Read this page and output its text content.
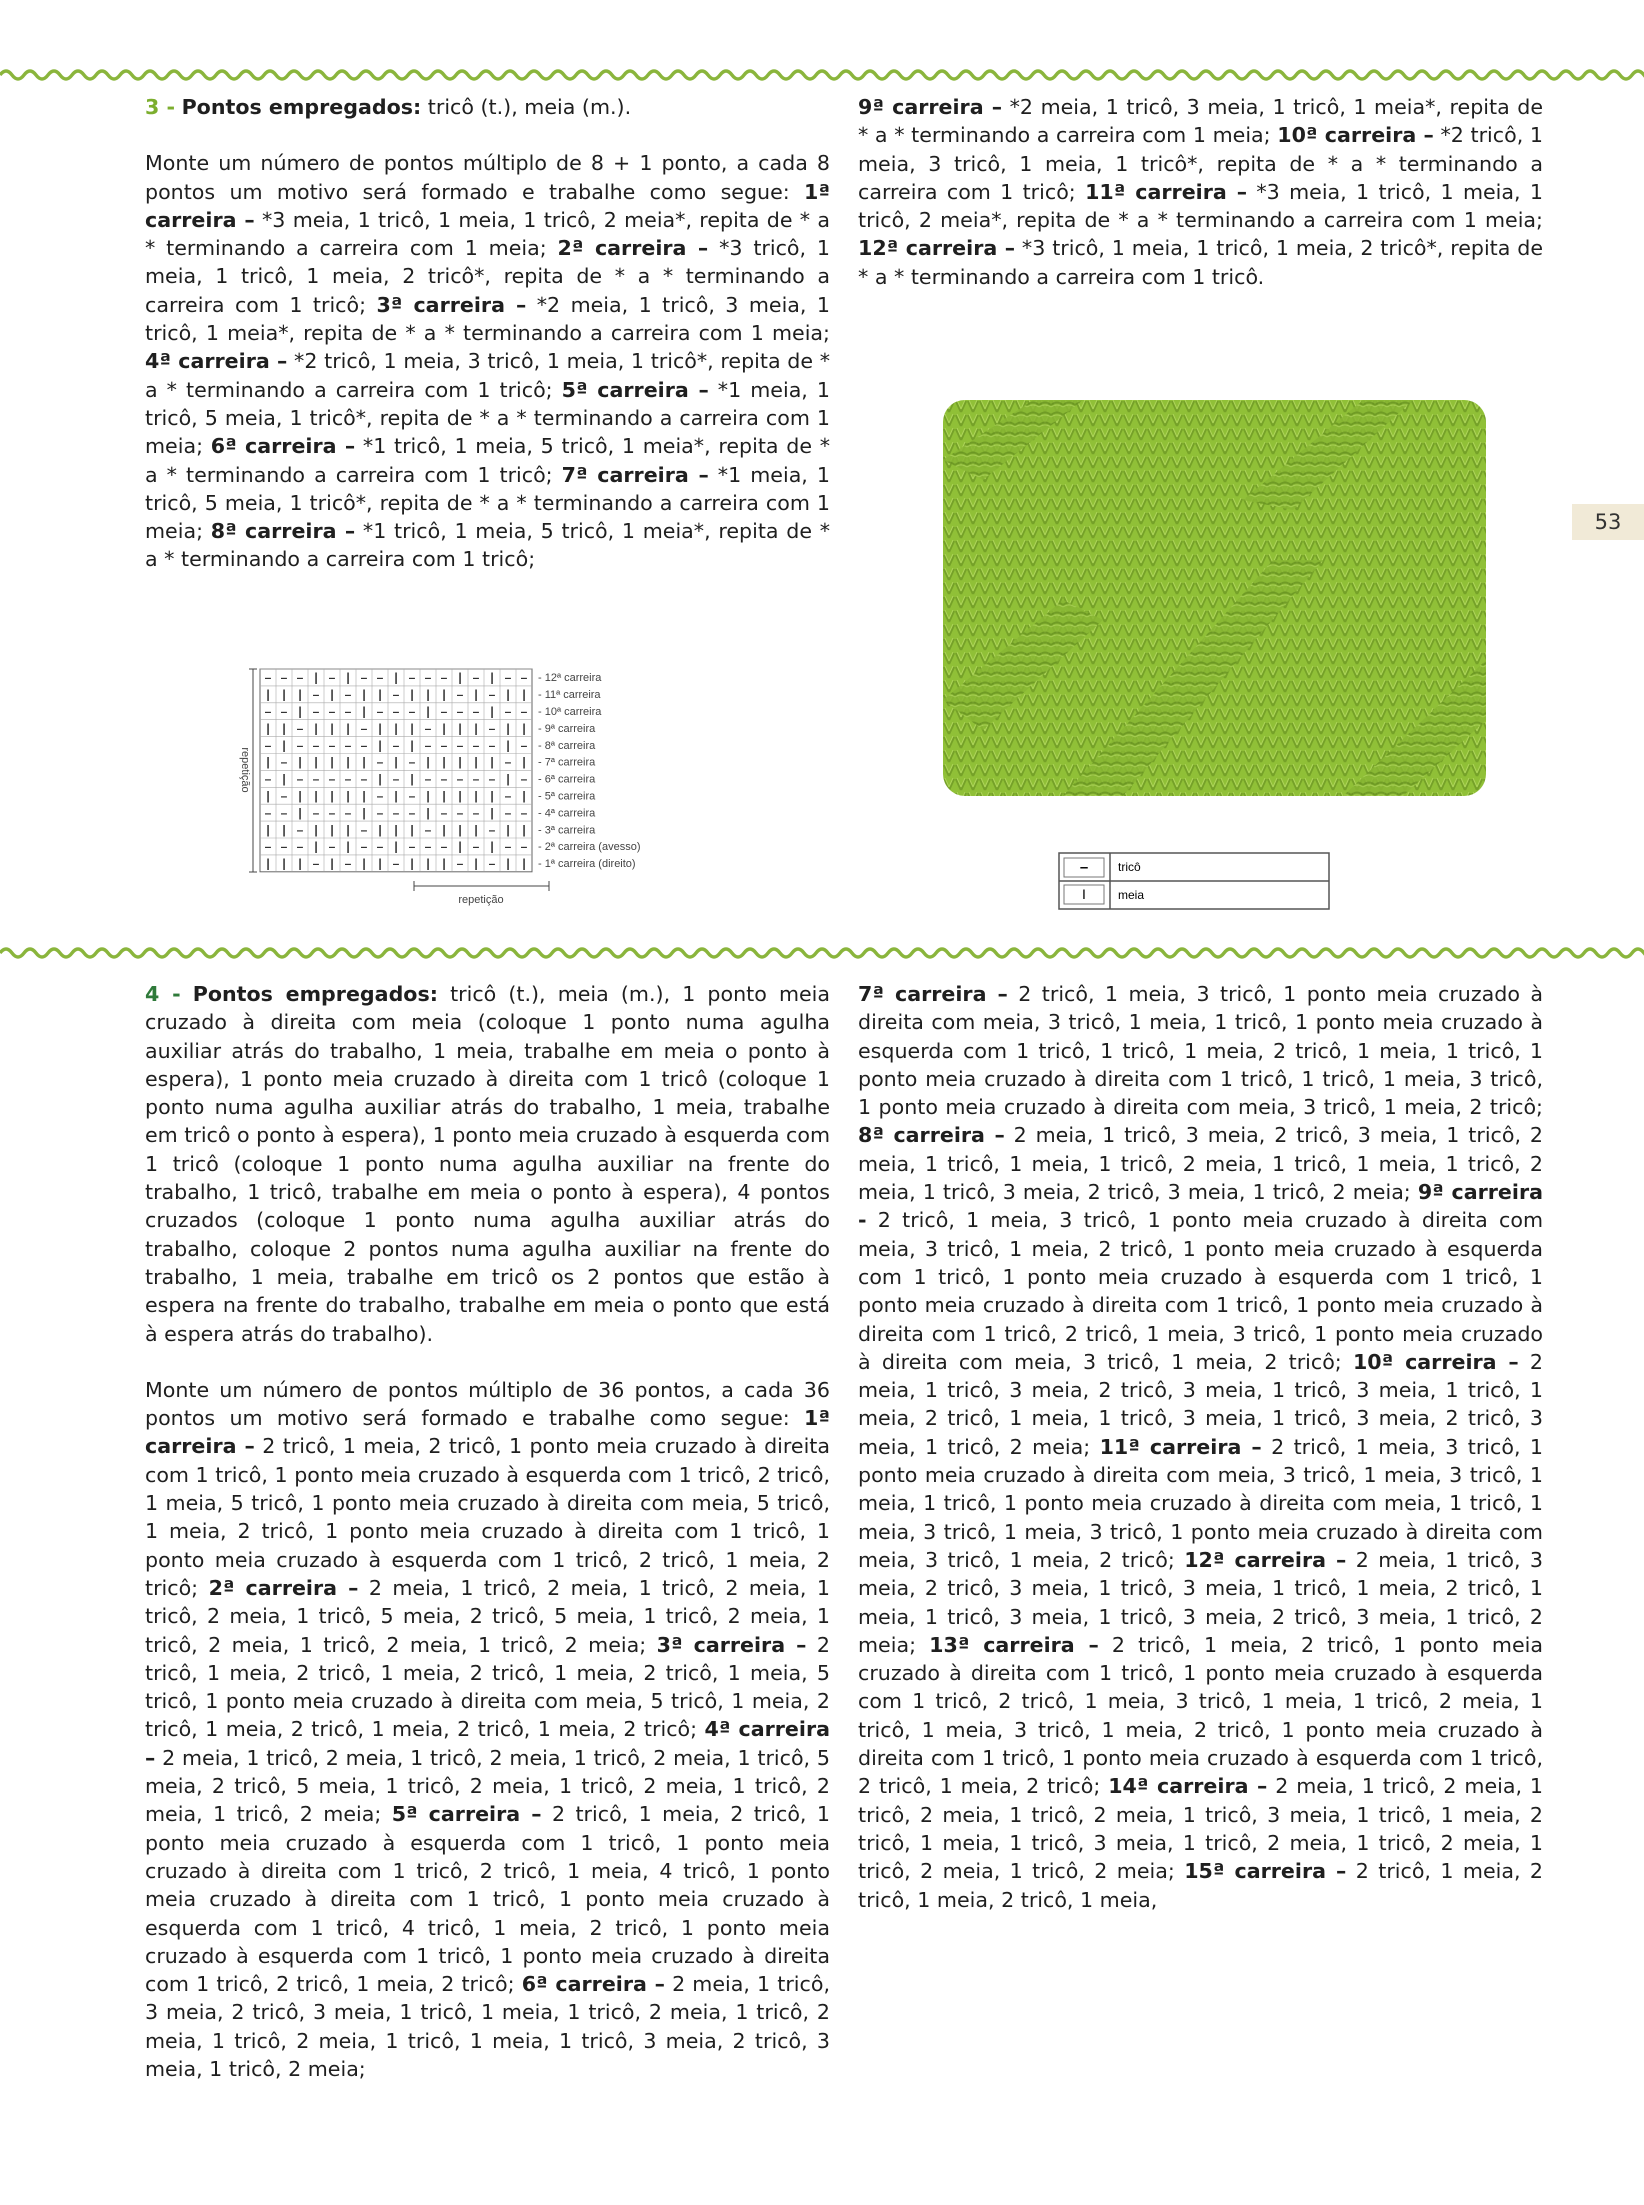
3 - Pontos empregados: tricô (t.), meia (m.).

Monte um número de pontos múltiplo de 8 + 1 ponto, a cada 8 pontos um motivo será formado e trabalhe como segue: 1ª carreira – *3 meia, 1 tricô, 1 meia, 1 tricô, 2 meia*, repita de * a * terminando a carreira com 1 meia; 2ª carreira – *3 tricô, 1 meia, 1 tricô, 1 meia, 2 tricô*, repita de * a * terminando a carreira com 1 tricô; 3ª carreira – *2 meia, 1 tricô, 3 meia, 1 tricô, 1 meia*, repita de * a * terminando a carreira com 1 meia; 4ª carreira – *2 tricô, 1 meia, 3 tricô, 1 meia, 1 tricô*, repita de * a * terminando a carreira com 1 tricô; 5ª carreira – *1 meia, 1 tricô, 5 meia, 1 tricô*, repita de * a * terminando a carreira com 1 meia; 6ª carreira – *1 tricô, 1 meia, 5 tricô, 1 meia*, repita de * a * terminando a carreira com 1 tricô; 7ª carreira – *1 meia, 1 tricô, 5 meia, 1 tricô*, repita de * a * terminando a carreira com 1 meia; 8ª carreira – *1 tricô, 1 meia, 5 tricô, 1 meia*, repita de * a * terminando a carreira com 1 tricô;

53
– – – | – | – – | – – – | – | – –
| | | – | – | | – | | | – | – | |
– – | – – – | – – – | – – – | – –
| | – | | | – | | | – | | | – | |
– | – – – – – | – | – – – – – | –
| – | | | | | – | – | | | | | – |
– | – – – – – | – | – – – – – | –
| – | | | | | – | – | | | | | – |
– – | – – – | – – – | – – – | – –
| | – | | | – | | | – | | | – | |
– – – | – | – – | – – – | – | – –
| | | – | – | | – | | | – | – | |
- 12ª carreira
- 11ª carreira
- 10ª carreira
- 9ª carreira
- 8ª carreira
- 7ª carreira
- 6ª carreira
- 5ª carreira
- 4ª carreira
- 3ª carreira
- 2ª carreira (avesso)
- 1ª carreira (direito)
repetição
repetição
–
I
tricô
meia

9ª carreira – *2 meia, 1 tricô, 3 meia, 1 tricô, 1 meia*, repita de * a * terminando a carreira com 1 meia; 10ª carreira – *2 tricô, 1 meia, 3 tricô, 1 meia, 1 tricô*, repita de * a * terminando a carreira com 1 tricô; 11ª carreira – *3 meia, 1 tricô, 1 meia, 1 tricô, 2 meia*, repita de * a * terminando a carreira com 1 meia; 12ª carreira – *3 tricô, 1 meia, 1 tricô, 1 meia, 2 tricô*, repita de * a * terminando a carreira com 1 tricô.

4 - Pontos empregados: tricô (t.), meia (m.), 1 ponto meia cruzado à direita com meia (coloque 1 ponto numa agulha auxiliar atrás do trabalho, 1 meia, trabalhe em meia o ponto à espera), 1 ponto meia cruzado à direita com 1 tricô (coloque 1 ponto numa agulha auxiliar atrás do trabalho, 1 meia, trabalhe em tricô o ponto à espera), 1 ponto meia cruzado à esquerda com 1 tricô (coloque 1 ponto numa agulha auxiliar na frente do trabalho, 1 tricô, trabalhe em meia o ponto à espera), 4 pontos cruzados (coloque 1 ponto numa agulha auxiliar atrás do trabalho, coloque 2 pontos numa agulha auxiliar na frente do trabalho, 1 meia, trabalhe em tricô os 2 pontos que estão à espera na frente do trabalho, trabalhe em meia o ponto que está à espera atrás do trabalho).

Monte um número de pontos múltiplo de 36 pontos, a cada 36 pontos um motivo será formado e trabalhe como segue: 1ª carreira – 2 tricô, 1 meia, 2 tricô, 1 ponto meia cruzado à direita com 1 tricô, 1 ponto meia cruzado à esquerda com 1 tricô, 2 tricô, 1 meia, 5 tricô, 1 ponto meia cruzado à direita com meia, 5 tricô, 1 meia, 2 tricô, 1 ponto meia cruzado à direita com 1 tricô, 1 ponto meia cruzado à esquerda com 1 tricô, 2 tricô, 1 meia, 2 tricô; 2ª carreira – 2 meia, 1 tricô, 2 meia, 1 tricô, 2 meia, 1 tricô, 2 meia, 1 tricô, 5 meia, 2 tricô, 5 meia, 1 tricô, 2 meia, 1 tricô, 2 meia, 1 tricô, 2 meia, 1 tricô, 2 meia; 3ª carreira – 2 tricô, 1 meia, 2 tricô, 1 meia, 2 tricô, 1 meia, 2 tricô, 1 meia, 5 tricô, 1 ponto meia cruzado à direita com meia, 5 tricô, 1 meia, 2 tricô, 1 meia, 2 tricô, 1 meia, 2 tricô, 1 meia, 2 tricô; 4ª carreira – 2 meia, 1 tricô, 2 meia, 1 tricô, 2 meia, 1 tricô, 2 meia, 1 tricô, 5 meia, 2 tricô, 5 meia, 1 tricô, 2 meia, 1 tricô, 2 meia, 1 tricô, 2 meia, 1 tricô, 2 meia; 5ª carreira – 2 tricô, 1 meia, 2 tricô, 1 ponto meia cruzado à esquerda com 1 tricô, 1 ponto meia cruzado à direita com 1 tricô, 2 tricô, 1 meia, 4 tricô, 1 ponto meia cruzado à direita com 1 tricô, 1 ponto meia cruzado à esquerda com 1 tricô, 4 tricô, 1 meia, 2 tricô, 1 ponto meia cruzado à esquerda com 1 tricô, 1 ponto meia cruzado à direita com 1 tricô, 2 tricô, 1 meia, 2 tricô; 6ª carreira – 2 meia, 1 tricô, 3 meia, 2 tricô, 3 meia, 1 tricô, 1 meia, 1 tricô, 2 meia, 1 tricô, 2 meia, 1 tricô, 2 meia, 1 tricô, 1 meia, 1 tricô, 3 meia, 2 tricô, 3 meia, 1 tricô, 2 meia;

7ª carreira – 2 tricô, 1 meia, 3 tricô, 1 ponto meia cruzado à direita com meia, 3 tricô, 1 meia, 1 tricô, 1 ponto meia cruzado à esquerda com 1 tricô, 1 tricô, 1 meia, 2 tricô, 1 meia, 1 tricô, 1 ponto meia cruzado à direita com 1 tricô, 1 tricô, 1 meia, 3 tricô, 1 ponto meia cruzado à direita com meia, 3 tricô, 1 meia, 2 tricô; 8ª carreira – 2 meia, 1 tricô, 3 meia, 2 tricô, 3 meia, 1 tricô, 2 meia, 1 tricô, 1 meia, 1 tricô, 2 meia, 1 tricô, 1 meia, 1 tricô, 2 meia, 1 tricô, 3 meia, 2 tricô, 3 meia, 1 tricô, 2 meia; 9ª carreira - 2 tricô, 1 meia, 3 tricô, 1 ponto meia cruzado à direita com meia, 3 tricô, 1 meia, 2 tricô, 1 ponto meia cruzado à esquerda com 1 tricô, 1 ponto meia cruzado à esquerda com 1 tricô, 1 ponto meia cruzado à direita com 1 tricô, 1 ponto meia cruzado à direita com 1 tricô, 2 tricô, 1 meia, 3 tricô, 1 ponto meia cruzado à direita com meia, 3 tricô, 1 meia, 2 tricô; 10ª carreira – 2 meia, 1 tricô, 3 meia, 2 tricô, 3 meia, 1 tricô, 3 meia, 1 tricô, 1 meia, 2 tricô, 1 meia, 1 tricô, 3 meia, 1 tricô, 3 meia, 2 tricô, 3 meia, 1 tricô, 2 meia; 11ª carreira – 2 tricô, 1 meia, 3 tricô, 1 ponto meia cruzado à direita com meia, 3 tricô, 1 meia, 3 tricô, 1 meia, 1 tricô, 1 ponto meia cruzado à direita com meia, 1 tricô, 1 meia, 3 tricô, 1 meia, 3 tricô, 1 ponto meia cruzado à direita com meia, 3 tricô, 1 meia, 2 tricô; 12ª carreira – 2 meia, 1 tricô, 3 meia, 2 tricô, 3 meia, 1 tricô, 3 meia, 1 tricô, 1 meia, 2 tricô, 1 meia, 1 tricô, 3 meia, 1 tricô, 3 meia, 2 tricô, 3 meia, 1 tricô, 2 meia; 13ª carreira – 2 tricô, 1 meia, 2 tricô, 1 ponto meia cruzado à direita com 1 tricô, 1 ponto meia cruzado à esquerda com 1 tricô, 2 tricô, 1 meia, 3 tricô, 1 meia, 1 tricô, 2 meia, 1 tricô, 1 meia, 3 tricô, 1 meia, 2 tricô, 1 ponto meia cruzado à direita com 1 tricô, 1 ponto meia cruzado à esquerda com 1 tricô, 2 tricô, 1 meia, 2 tricô; 14ª carreira – 2 meia, 1 tricô, 2 meia, 1 tricô, 2 meia, 1 tricô, 2 meia, 1 tricô, 3 meia, 1 tricô, 1 meia, 2 tricô, 1 meia, 1 tricô, 3 meia, 1 tricô, 2 meia, 1 tricô, 2 meia, 1 tricô, 2 meia, 1 tricô, 2 meia; 15ª carreira – 2 tricô, 1 meia, 2 tricô, 1 meia, 2 tricô, 1 meia,
